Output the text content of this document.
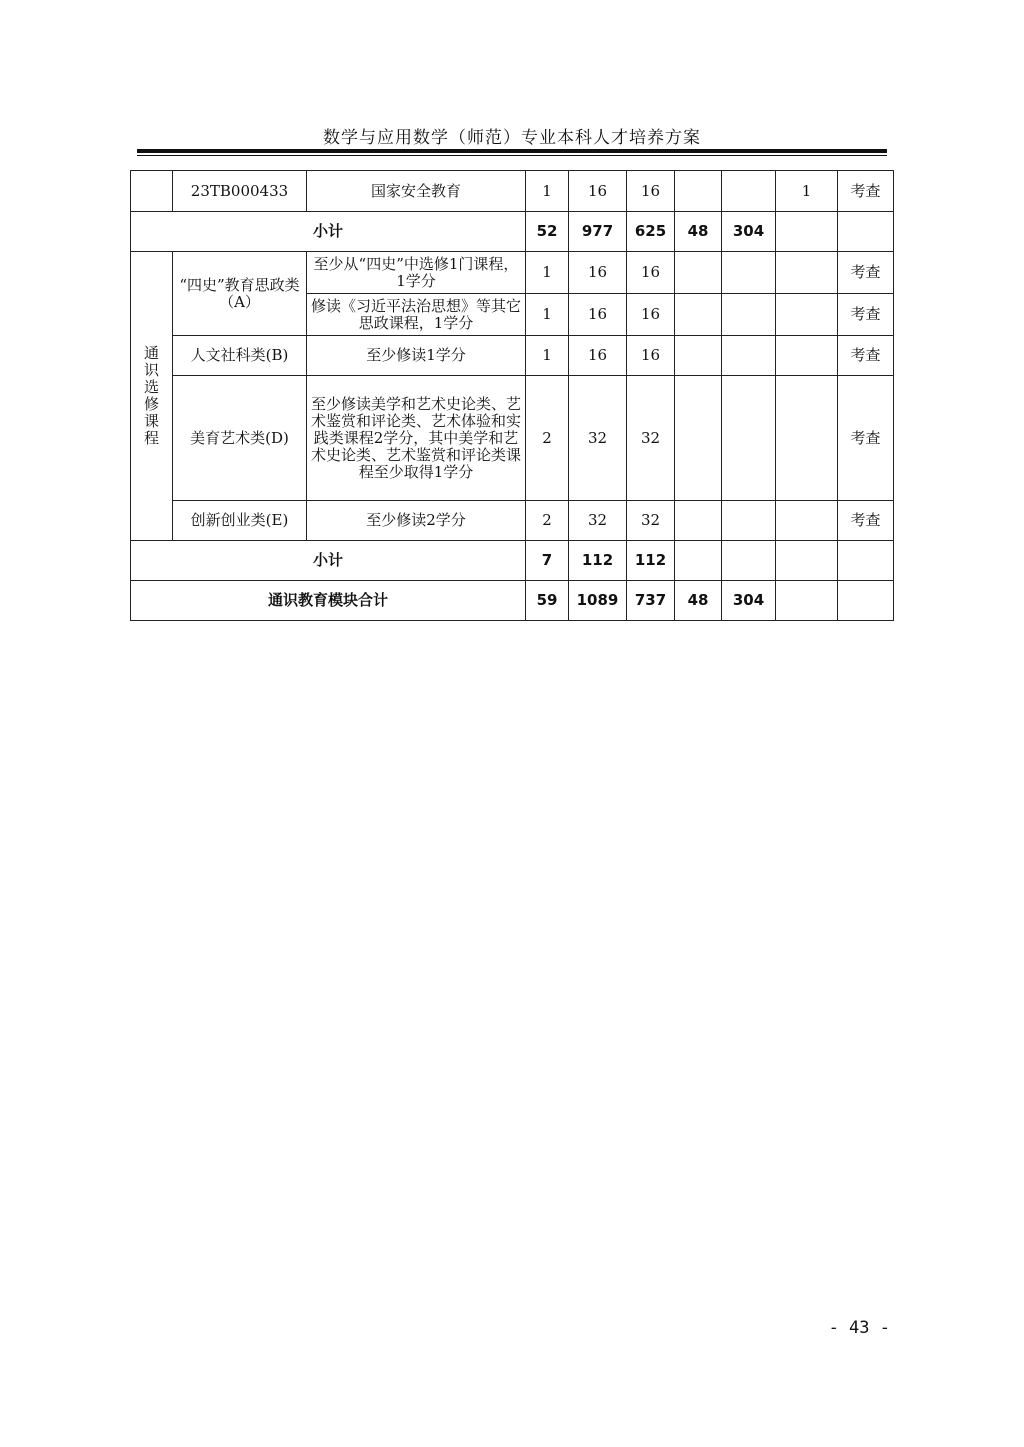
数学与应用数学（师范）专业本科人才培养方案
	23TB000433	国家安全教育	1	16	16			1	考查
小计			52	977	625	48	304		
通识选修课程	“四史”教育思政类（A）	至少从“四史”中选修1门课程，1学分	1	16	16				考查
		修读《习近平法治思想》等其它思政课程，1学分	1	16	16				考查
	人文社科类(B)	至少修读1学分	1	16	16				考查
	美育艺术类(D)	至少修读美学和艺术史论类、艺术鉴赏和评论类、艺术体验和实践类课程2学分，其中美学和艺术史论类、艺术鉴赏和评论类课程至少取得1学分	2	32	32				考查
	创新创业类(E)	至少修读2学分	2	32	32				考查
小计			7	112	112				
通识教育模块合计			59	1089	737	48	304		
- 43 -
